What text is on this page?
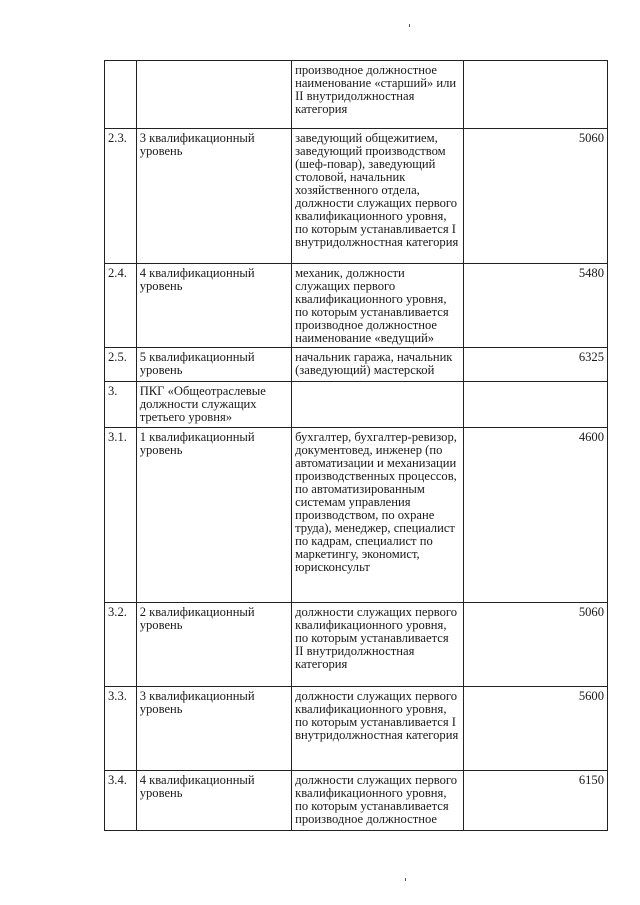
		производное должностное наименование «старший» или II внутридолжностная категория	
2.3.	3 квалификационный уровень	заведующий общежитием, заведующий производством (шеф-повар), заведующий столовой, начальник хозяйственного отдела, должности служащих первого квалификационного уровня, по которым устанавливается I внутридолжностная категория	5060
2.4.	4 квалификационный уровень	механик, должности служащих первого квалификационного уровня, по которым устанавливается производное должностное наименование «ведущий»	5480
2.5.	5 квалификационный уровень	начальник гаража, начальник (заведующий) мастерской	6325
3.	ПКГ «Общеотраслевые должности служащих третьего уровня»		
3.1.	1 квалификационный уровень	бухгалтер, бухгалтер-ревизор, документовед, инженер (по автоматизации и механизации производственных процессов, по автоматизированным системам управления производством, по охране труда), менеджер, специалист по кадрам, специалист по маркетингу, экономист, юрисконсульт	4600
3.2.	2 квалификационный уровень	должности служащих первого квалификационного уровня, по которым устанавливается II внутридолжностная категория	5060
3.3.	3 квалификационный уровень	должности служащих первого квалификационного уровня, по которым устанавливается I внутридолжностная категория	5600
3.4.	4 квалификационный уровень	должности служащих первого квалификационного уровня, по которым устанавливается производное должностное	6150
